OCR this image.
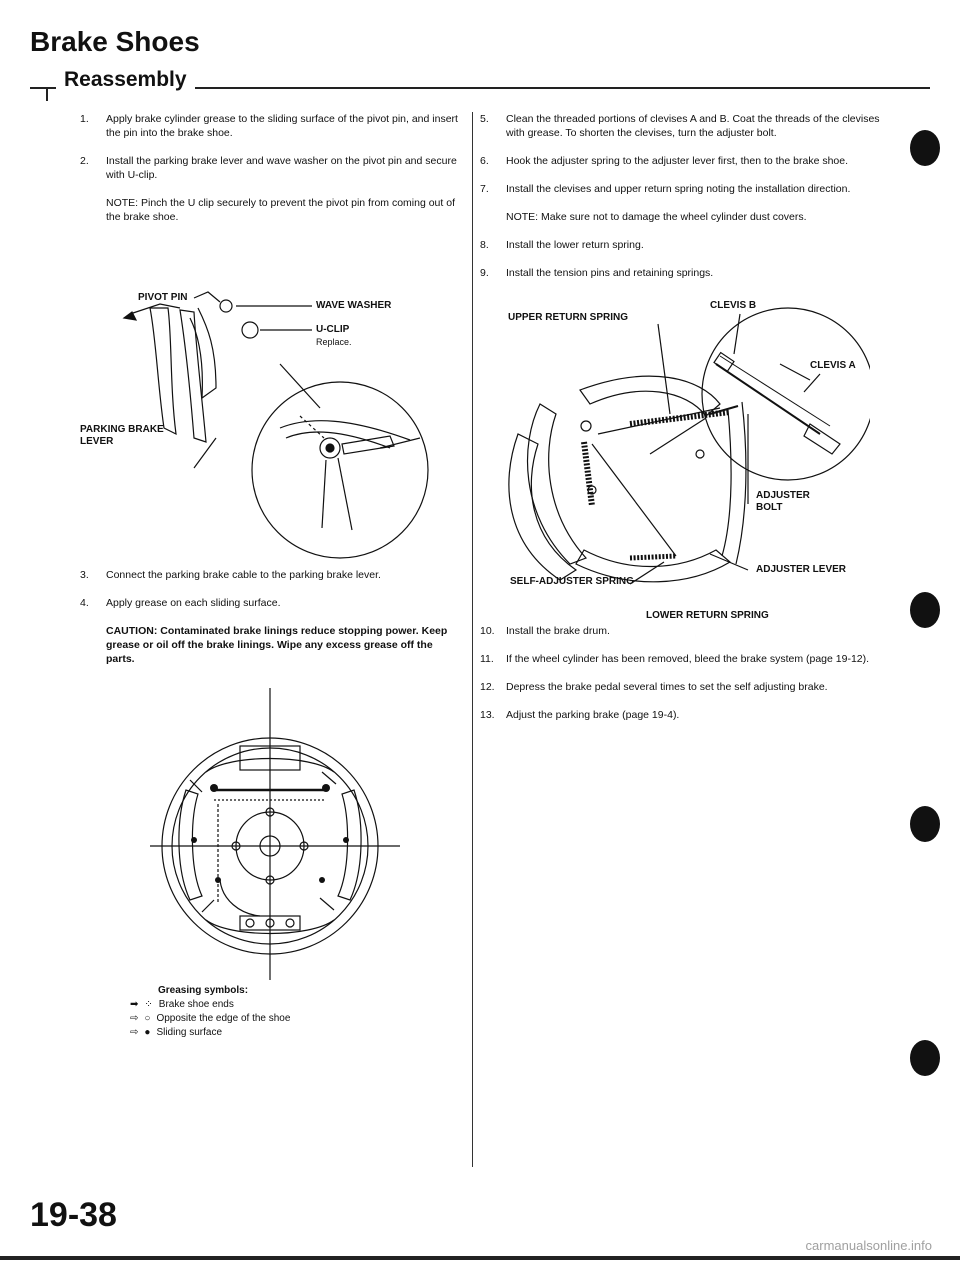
Brake Shoes
Reassembly
1.	Apply brake cylinder grease to the sliding surface of the pivot pin, and insert the pin into the brake shoe.
2.	Install the parking brake lever and wave washer on the pivot pin and secure with U-clip.
NOTE: Pinch the U clip securely to prevent the pivot pin from coming out of the brake shoe.
PIVOT PIN
WAVE WASHER
U-CLIP
Replace.
PARKING BRAKE LEVER
3.	Connect the parking brake cable to the parking brake lever.
4.	Apply grease on each sliding surface.
CAUTION: Contaminated brake linings reduce stopping power. Keep grease or oil off the brake linings. Wipe any excess grease off the parts.
Greasing symbols:
➡ ⁘ Brake shoe ends
⇨ ○ Opposite the edge of the shoe
⇨ ● Sliding surface
5.	Clean the threaded portions of clevises A and B. Coat the threads of the clevises with grease. To shorten the clevises, turn the adjuster bolt.
6.	Hook the adjuster spring to the adjuster lever first, then to the brake shoe.
7.	Install the clevises and upper return spring noting the installation direction.
NOTE: Make sure not to damage the wheel cylinder dust covers.
8.	Install the lower return spring.
9.	Install the tension pins and retaining springs.
CLEVIS B
UPPER RETURN SPRING
CLEVIS A
ADJUSTER BOLT
ADJUSTER LEVER
SELF-ADJUSTER SPRING
LOWER RETURN SPRING
10.	Install the brake drum.
11.	If the wheel cylinder has been removed, bleed the brake system (page 19-12).
12.	Depress the brake pedal several times to set the self adjusting brake.
13.	Adjust the parking brake (page 19-4).
19-38
carmanualsonline.info
